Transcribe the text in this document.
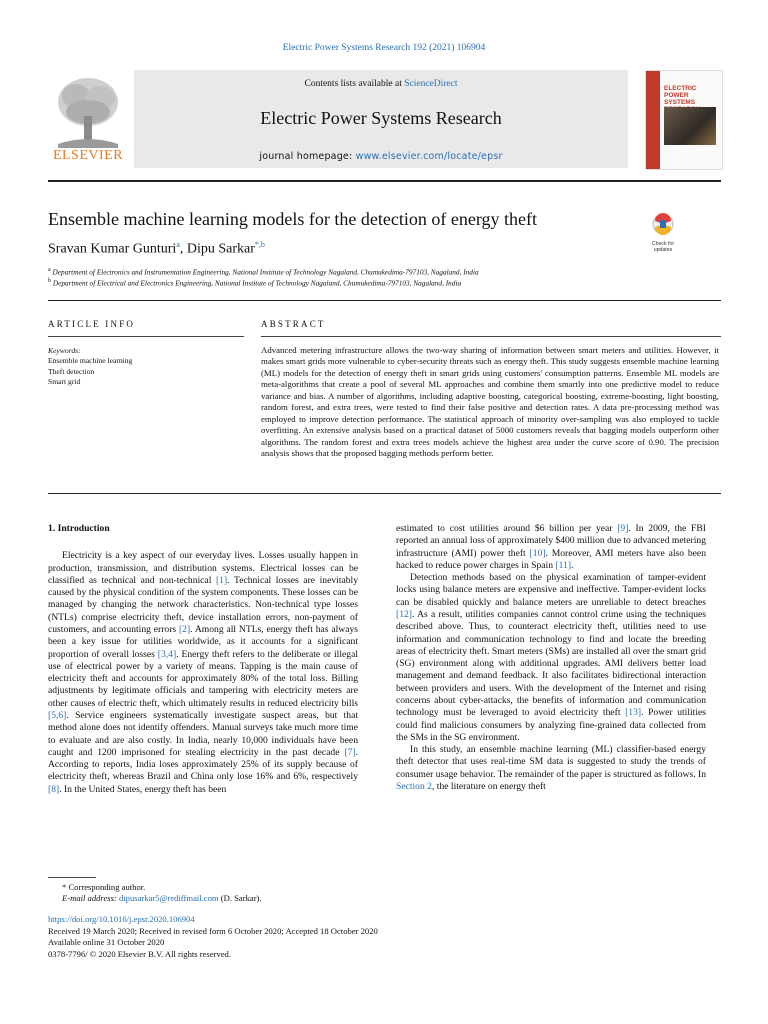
Electric Power Systems Research 192 (2021) 106904
ELSEVIER
Contents lists available at ScienceDirect
Electric Power Systems Research
journal homepage: www.elsevier.com/locate/epsr
ELECTRIC POWER
SYSTEMS
Ensemble machine learning models for the detection of energy theft
Sravan Kumar Gunturi$^a$, Dipu Sarkar$^{*,b}$	Check for
updates
$^a$ Department of Electronics and Instrumentation Engineering, National Institute of Technology Nagaland, Chumukedima-797103, Nagaland, India
$^b$ Department of Electrical and Electronics Engineering, National Institute of Technology Nagaland, Chumukedima-797103, Nagaland, India
ARTICLE INFO	ABSTRACT
Keywords:
Ensemble machine learning
Theft detection
Smart grid
Advanced metering infrastructure allows the two-way sharing of information between smart meters and utilities. However, it makes smart grids more vulnerable to cyber-security threats such as energy theft. This study suggests ensemble machine learning (ML) models for the detection of energy theft in smart grids using customers' consumption patterns. Ensemble ML models are meta-algorithms that create a pool of several ML approaches and combine them smartly into one predictive model to reduce variance and bias. A number of algorithms, including adaptive boosting, categorical boosting, extreme-boosting, light boosting, random forest, and extra trees, were tested to find their false positive and detection rates. A data pre-processing method was employed to improve detection performance. The statistical approach of minority over-sampling was also employed to tackle overfitting. An extensive analysis based on a practical dataset of 5000 customers reveals that bagging models outperform other algorithms. The random forest and extra trees models achieve the highest area under the curve score of 0.90. The precision analysis shows that the proposed bagging methods perform better.
1. Introduction

Electricity is a key aspect of our everyday lives. Losses usually happen in production, transmission, and distribution systems. Electrical losses can be classified as technical and non-technical [1]. Technical losses are inevitably caused by the physical condition of the system components. These losses can be managed by changing the network characteristics. Non-technical type losses (NTLs) comprise electricity theft, device installation errors, non-payment of customers, and accounting errors [2]. Among all NTLs, energy theft has always been a key issue for utilities worldwide, as it accounts for a significant proportion of overall losses [3,4]. Energy theft refers to the deliberate or illegal use of electrical power by a variety of means. Tapping is the main cause of electricity theft and accounts for approximately 80% of the total loss. Billing adjustments by legitimate officials and tampering with electricity meters are other causes of electric theft, which ultimately results in reduced electricity bills [5,6]. Service engineers systematically investigate suspect areas, but that method alone does not identify offenders. Manual surveys take much more time to evaluate and are also costly. In India, nearly 10,000 individuals have been caught and 1200 imprisoned for stealing electricity in the past decade [7]. According to reports, India loses approximately 25% of its supply because of electricity theft, whereas Brazil and China only lose 16% and 6%, respectively [8]. In the United States, energy theft has been

estimated to cost utilities around $6 billion per year [9]. In 2009, the FBI reported an annual loss of approximately $400 million due to advanced metering infrastructure (AMI) power theft [10]. Moreover, AMI meters have also been hacked to reduce power charges in Spain [11].

Detection methods based on the physical examination of tamper-evident locks using balance meters are expensive and ineffective. Tamper-evident locks can be disabled quickly and balance meters are unreliable to detect breaches [12]. As a result, utilities companies cannot control crime using the techniques described above. Thus, to counteract electricity theft, utilities need to use information and communication technology to find and locate the breeding areas of electricity theft. Smart meters (SMs) are installed all over the smart grid (SG) environment along with additional upgrades. AMI delivers better load management and demand feedback. It also facilitates bidirectional interaction between providers and users. With the development of the Internet and rising concerns about cyber-attacks, the benefits of information and communication technology must be leveraged to avoid electricity theft [13]. Power utilities could find malicious consumers by analyzing fine-grained data collected from the SMs in the SG environment.

In this study, an ensemble machine learning (ML) classifier-based energy theft detector that uses real-time SM data is suggested to study the trends of consumer usage behavior. The remainder of the paper is structured as follows. In Section 2, the literature on energy theft

* Corresponding author.
E-mail address: dipusarkar5@rediffmail.com (D. Sarkar).
https://doi.org/10.1016/j.epsr.2020.106904
Received 19 March 2020; Received in revised form 6 October 2020; Accepted 18 October 2020
Available online 31 October 2020
0378-7796/ © 2020 Elsevier B.V. All rights reserved.
